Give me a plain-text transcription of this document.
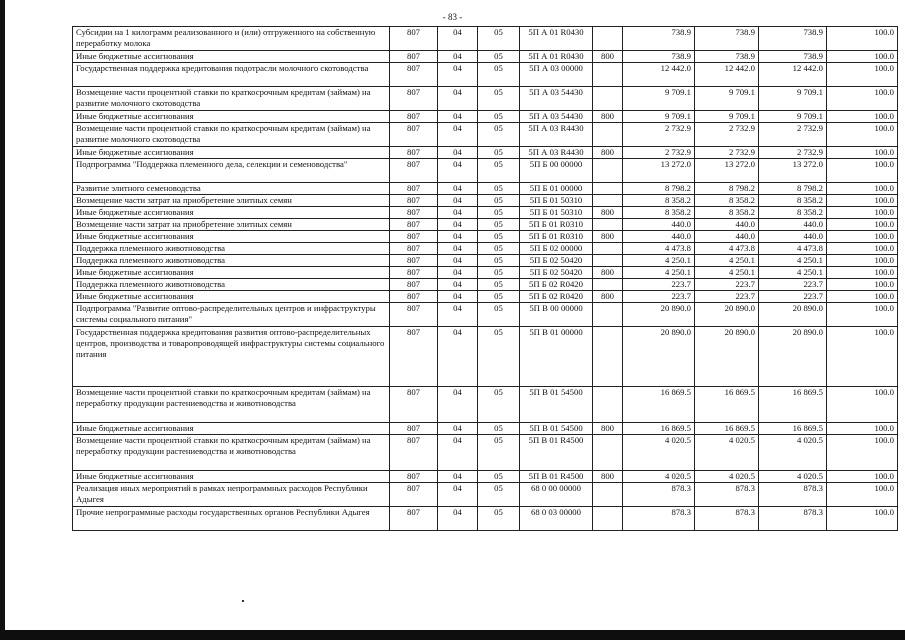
- 83 -
Субсидии на 1 килограмм реализованного и (или) отгруженного на собственную переработку молока	807	04	05	5П А 01 R0430		738.9	738.9	738.9	100.0
Иные бюджетные ассигнования	807	04	05	5П А 01 R0430	800	738.9	738.9	738.9	100.0
Государственная поддержка кредитования подотрасли молочного скотоводства	807	04	05	5П А 03 00000		12 442.0	12 442.0	12 442.0	100.0
Возмещение части процентной ставки по краткосрочным кредитам (займам) на развитие молочного скотоводства	807	04	05	5П А 03 54430		9 709.1	9 709.1	9 709.1	100.0
Иные бюджетные ассигнования	807	04	05	5П А 03 54430	800	9 709.1	9 709.1	9 709.1	100.0
Возмещение части процентной ставки по краткосрочным кредитам (займам) на развитие молочного скотоводства	807	04	05	5П А 03 R4430		2 732.9	2 732.9	2 732.9	100.0
Иные бюджетные ассигнования	807	04	05	5П А 03 R4430	800	2 732.9	2 732.9	2 732.9	100.0
Подпрограмма "Поддержка племенного дела, селекции и семеноводства"	807	04	05	5П Б 00 00000		13 272.0	13 272.0	13 272.0	100.0
Развитие элитного семеноводства	807	04	05	5П Б 01 00000		8 798.2	8 798.2	8 798.2	100.0
Возмещение части затрат на приобретение элитных семян	807	04	05	5П Б 01 50310		8 358.2	8 358.2	8 358.2	100.0
Иные бюджетные ассигнования	807	04	05	5П Б 01 50310	800	8 358.2	8 358.2	8 358.2	100.0
Возмещение части затрат на приобретение элитных семян	807	04	05	5П Б 01 R0310		440.0	440.0	440.0	100.0
Иные бюджетные ассигнования	807	04	05	5П Б 01 R0310	800	440.0	440.0	440.0	100.0
Поддержка племенного животноводства	807	04	05	5П Б 02 00000		4 473.8	4 473.8	4 473.8	100.0
Поддержка племенного животноводства	807	04	05	5П Б 02 50420		4 250.1	4 250.1	4 250.1	100.0
Иные бюджетные ассигнования	807	04	05	5П Б 02 50420	800	4 250.1	4 250.1	4 250.1	100.0
Поддержка племенного животноводства	807	04	05	5П Б 02 R0420		223.7	223.7	223.7	100.0
Иные бюджетные ассигнования	807	04	05	5П Б 02 R0420	800	223.7	223.7	223.7	100.0
Подпрограмма "Развитие оптово-распределительных центров и инфраструктуры системы социального питания"	807	04	05	5П В 00 00000		20 890.0	20 890.0	20 890.0	100.0
Государственная поддержка кредитования развития оптово-распределительных центров, производства и товаропроводящей инфраструктуры системы социального питания	807	04	05	5П В 01 00000		20 890.0	20 890.0	20 890.0	100.0
Возмещение части процентной ставки по краткосрочным кредитам (займам) на переработку продукции растениеводства и животноводства	807	04	05	5П В 01 54500		16 869.5	16 869.5	16 869.5	100.0
Иные бюджетные ассигнования	807	04	05	5П В 01 54500	800	16 869.5	16 869.5	16 869.5	100.0
Возмещение части процентной ставки по краткосрочным кредитам (займам) на переработку продукции растениеводства и животноводства	807	04	05	5П В 01 R4500		4 020.5	4 020.5	4 020.5	100.0
Иные бюджетные ассигнования	807	04	05	5П В 01 R4500	800	4 020.5	4 020.5	4 020.5	100.0
Реализация иных мероприятий в рамках непрограммных расходов Республики Адыгея	807	04	05	68 0 00 00000		878.3	878.3	878.3	100.0
Прочие непрограммные расходы государственных органов Республики Адыгея	807	04	05	68 0 03 00000		878.3	878.3	878.3	100.0
